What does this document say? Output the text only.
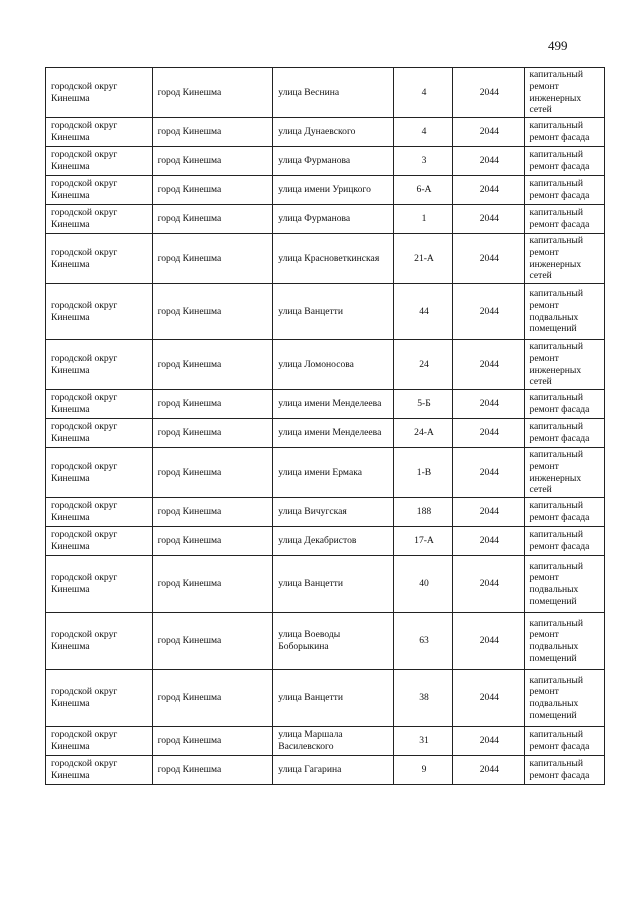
499
городской округ Кинешма	город Кинешма	улица Веснина	4	2044	капитальный ремонт инженерных сетей
городской округ Кинешма	город Кинешма	улица Дунаевского	4	2044	капитальный ремонт фасада
городской округ Кинешма	город Кинешма	улица Фурманова	3	2044	капитальный ремонт фасада
городской округ Кинешма	город Кинешма	улица имени Урицкого	6-А	2044	капитальный ремонт фасада
городской округ Кинешма	город Кинешма	улица Фурманова	1	2044	капитальный ремонт фасада
городской округ Кинешма	город Кинешма	улица Красноветкинская	21-А	2044	капитальный ремонт инженерных сетей
городской округ Кинешма	город Кинешма	улица Ванцетти	44	2044	капитальный ремонт подвальных помещений
городской округ Кинешма	город Кинешма	улица Ломоносова	24	2044	капитальный ремонт инженерных сетей
городской округ Кинешма	город Кинешма	улица имени Менделеева	5-Б	2044	капитальный ремонт фасада
городской округ Кинешма	город Кинешма	улица имени Менделеева	24-А	2044	капитальный ремонт фасада
городской округ Кинешма	город Кинешма	улица имени Ермака	1-В	2044	капитальный ремонт инженерных сетей
городской округ Кинешма	город Кинешма	улица Вичугская	188	2044	капитальный ремонт фасада
городской округ Кинешма	город Кинешма	улица Декабристов	17-А	2044	капитальный ремонт фасада
городской округ Кинешма	город Кинешма	улица Ванцетти	40	2044	капитальный ремонт подвальных помещений
городской округ Кинешма	город Кинешма	улица Воеводы Боборыкина	63	2044	капитальный ремонт подвальных помещений
городской округ Кинешма	город Кинешма	улица Ванцетти	38	2044	капитальный ремонт подвальных помещений
городской округ Кинешма	город Кинешма	улица Маршала Василевского	31	2044	капитальный ремонт фасада
городской округ Кинешма	город Кинешма	улица Гагарина	9	2044	капитальный ремонт фасада
